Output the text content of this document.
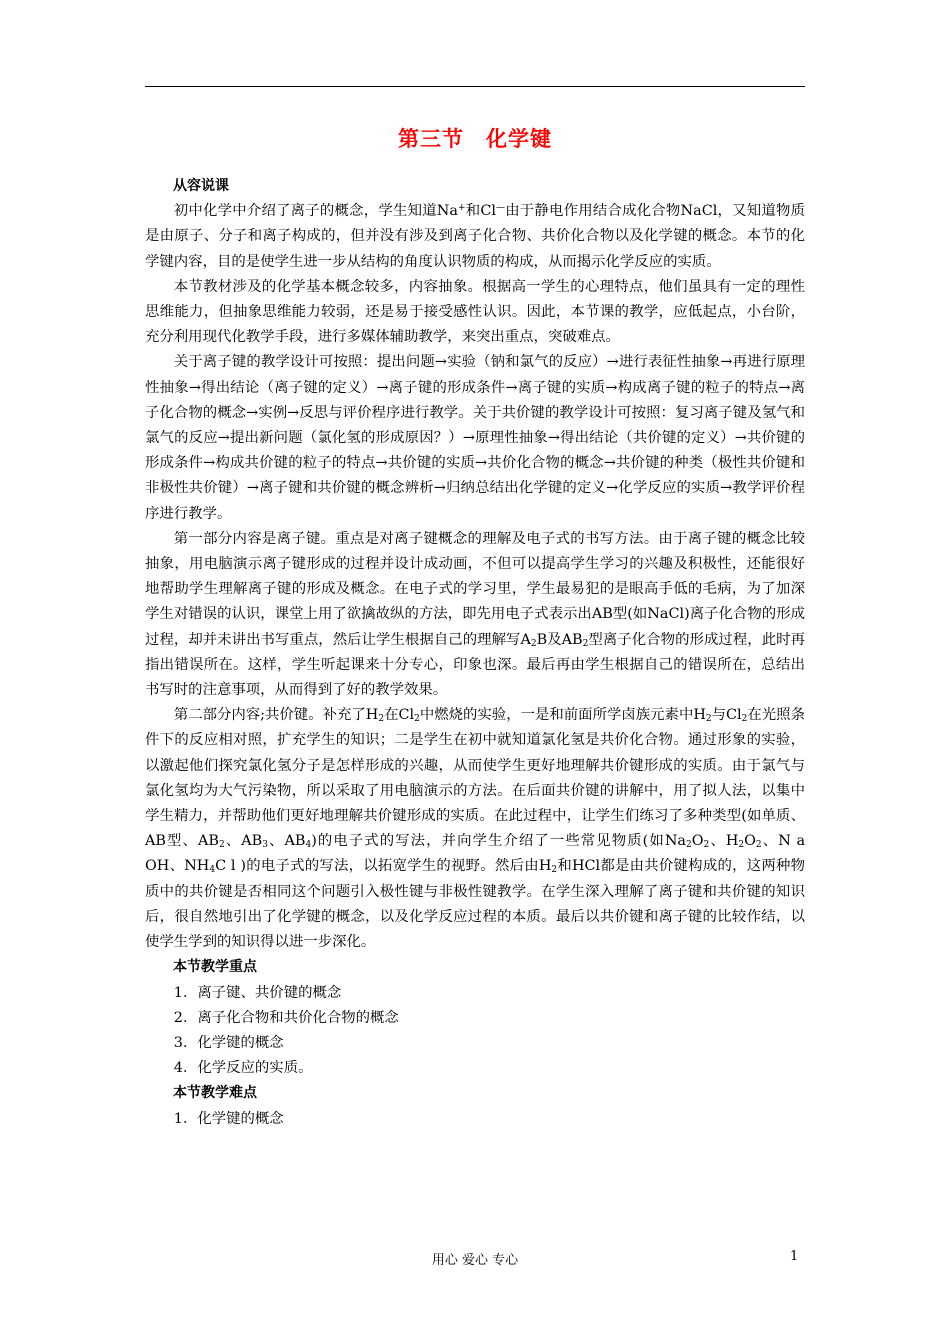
第三节　化学键
从容说课

初中化学中介绍了离子的概念，学生知道Na+和Cl—由于静电作用结合成化合物NaCl，又知道物质是由原子、分子和离子构成的，但并没有涉及到离子化合物、共价化合物以及化学键的概念。本节的化学键内容，目的是使学生进一步从结构的角度认识物质的构成，从而揭示化学反应的实质。

本节教材涉及的化学基本概念较多，内容抽象。根据高一学生的心理特点，他们虽具有一定的理性思维能力，但抽象思维能力较弱，还是易于接受感性认识。因此，本节课的教学，应低起点，小台阶，充分利用现代化教学手段，进行多媒体辅助教学，来突出重点，突破难点。

关于离子键的教学设计可按照：提出问题→实验（钠和氯气的反应）→进行表征性抽象→再进行原理性抽象→得出结论（离子键的定义）→离子键的形成条件→离子键的实质→构成离子键的粒子的特点→离子化合物的概念→实例→反思与评价程序进行教学。关于共价键的教学设计可按照：复习离子键及氢气和氯气的反应→提出新问题（氯化氢的形成原因？）→原理性抽象→得出结论（共价键的定义）→共价键的形成条件→构成共价键的粒子的特点→共价键的实质→共价化合物的概念→共价键的种类（极性共价键和非极性共价键）→离子键和共价键的概念辨析→归纳总结出化学键的定义→化学反应的实质→教学评价程序进行教学。

第一部分内容是离子键。重点是对离子键概念的理解及电子式的书写方法。由于离子键的概念比较抽象，用电脑演示离子键形成的过程并设计成动画，不但可以提高学生学习的兴趣及积极性，还能很好地帮助学生理解离子键的形成及概念。在电子式的学习里，学生最易犯的是眼高手低的毛病，为了加深学生对错误的认识，课堂上用了欲擒故纵的方法，即先用电子式表示出AB型(如NaCl)离子化合物的形成过程，却并未讲出书写重点，然后让学生根据自己的理解写$A_2B$及$AB_2$型离子化合物的形成过程，此时再指出错误所在。这样，学生听起课来十分专心，印象也深。最后再由学生根据自己的错误所在，总结出书写时的注意事项，从而得到了好的教学效果。

第二部分内容;共价键。补充了$H_2$在$Cl_2$中燃烧的实验，一是和前面所学卤族元素中$H_2$与$Cl_2$在光照条件下的反应相对照，扩充学生的知识；二是学生在初中就知道氯化氢是共价化合物。通过形象的实验，以激起他们探究氯化氢分子是怎样形成的兴趣，从而使学生更好地理解共价键形成的实质。由于氯气与氯化氢均为大气污染物，所以采取了用电脑演示的方法。在后面共价键的讲解中，用了拟人法，以集中学生精力，并帮助他们更好地理解共价键形成的实质。在此过程中，让学生们练习了多种类型(如单质、AB型、$AB_2$、$AB_3$、$AB_4$)的电子式的写法，并向学生介绍了一些常见物质(如$Na_2O_2$、$H_2O_2$、N a OH、$NH_4C$ l )的电子式的写法，以拓宽学生的视野。然后由$H_2$和HCl都是由共价键构成的，这两种物质中的共价键是否相同这个问题引入极性键与非极性键教学。在学生深入理解了离子键和共价键的知识后，很自然地引出了化学键的概念，以及化学反应过程的本质。最后以共价键和离子键的比较作结，以使学生学到的知识得以进一步深化。

本节教学重点
1．离子键、共价键的概念
2．离子化合物和共价化合物的概念
3．化学键的概念
4．化学反应的实质。
本节教学难点
1．化学键的概念
用心 爱心 专心	1
